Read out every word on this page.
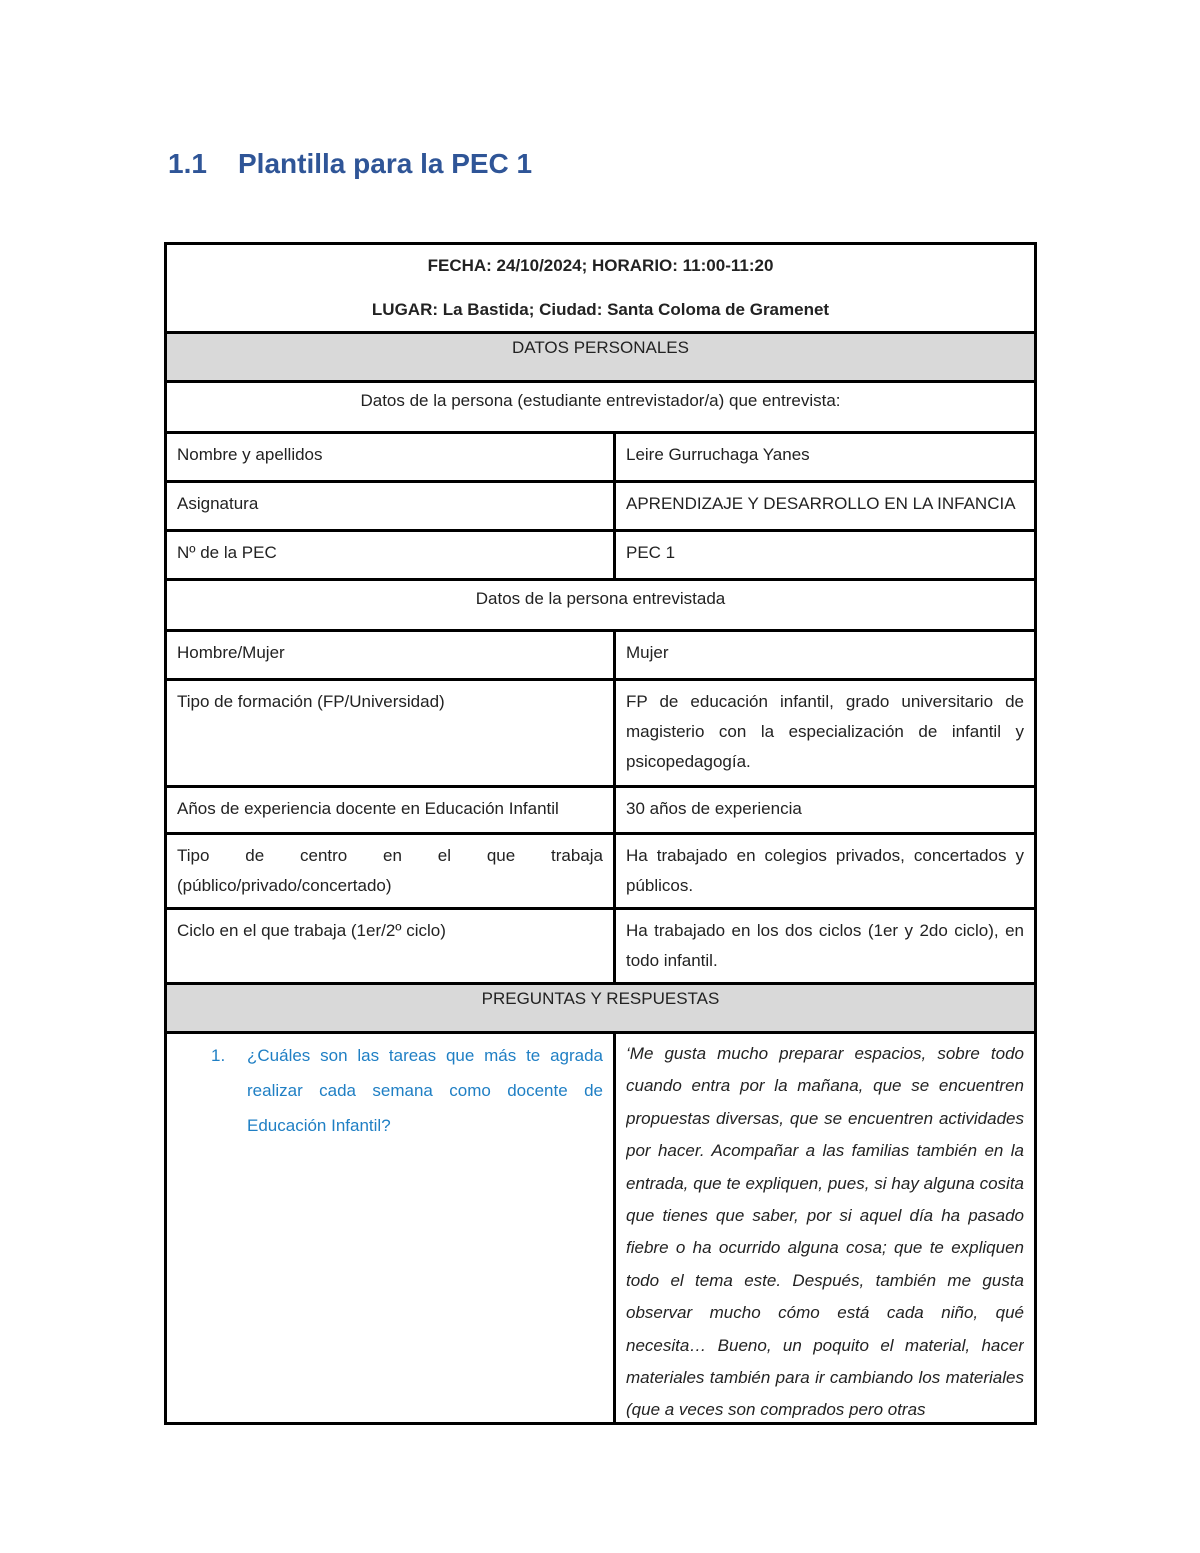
1.1 Plantilla para la PEC 1
FECHA: 24/10/2024; HORARIO: 11:00-11:20
LUGAR: La Bastida; Ciudad: Santa Coloma de Gramenet	

DATOS PERSONALES	
Datos de la persona (estudiante entrevistador/a) que entrevista:	
Nombre y apellidos	Leire Gurruchaga Yanes
Asignatura	APRENDIZAJE Y DESARROLLO EN LA INFANCIA
Nº de la PEC	PEC 1
Datos de la persona entrevistada	
Hombre/Mujer	Mujer
Tipo de formación (FP/Universidad)	FP de educación infantil, grado universitario de magisterio con la especialización de infantil y psicopedagogía.
Años de experiencia docente en Educación Infantil	30 años de experiencia
Tipo de centro en el que trabaja (público/privado/concertado)	Ha trabajado en colegios privados, concertados y públicos.
Ciclo en el que trabaja (1er/2º ciclo)	Ha trabajado en los dos ciclos (1er y 2do ciclo), en todo infantil.
PREGUNTAS Y RESPUESTAS	

1. ¿Cuáles son las tareas que más te agrada realizar cada semana como docente de Educación Infantil?	‘Me gusta mucho preparar espacios, sobre todo cuando entra por la mañana, que se encuentren propuestas diversas, que se encuentren actividades por hacer. Acompañar a las familias también en la entrada, que te expliquen, pues, si hay alguna cosita que tienes que saber, por si aquel día ha pasado fiebre o ha ocurrido alguna cosa; que te expliquen todo el tema este. Después, también me gusta observar mucho cómo está cada niño, qué necesita… Bueno, un poquito el material, hacer materiales también para ir cambiando los materiales (que a veces son comprados pero otras
